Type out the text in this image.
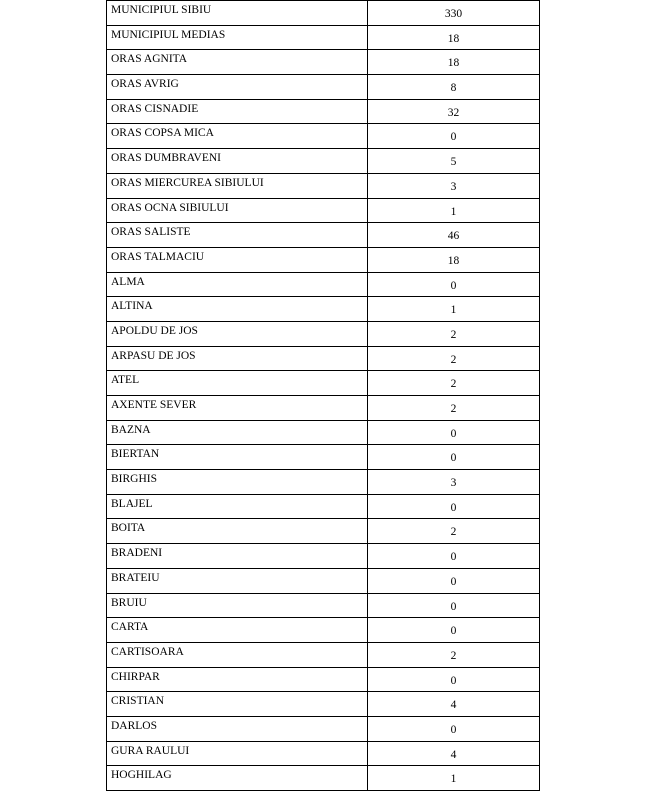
MUNICIPIUL SIBIU	330
MUNICIPIUL MEDIAS	18
ORAS AGNITA	18
ORAS AVRIG	8
ORAS CISNADIE	32
ORAS COPSA MICA	0
ORAS DUMBRAVENI	5
ORAS MIERCUREA SIBIULUI	3
ORAS OCNA SIBIULUI	1
ORAS SALISTE	46
ORAS TALMACIU	18
ALMA	0
ALTINA	1
APOLDU DE JOS	2
ARPASU DE JOS	2
ATEL	2
AXENTE SEVER	2
BAZNA	0
BIERTAN	0
BIRGHIS	3
BLAJEL	0
BOITA	2
BRADENI	0
BRATEIU	0
BRUIU	0
CARTA	0
CARTISOARA	2
CHIRPAR	0
CRISTIAN	4
DARLOS	0
GURA RAULUI	4
HOGHILAG	1
